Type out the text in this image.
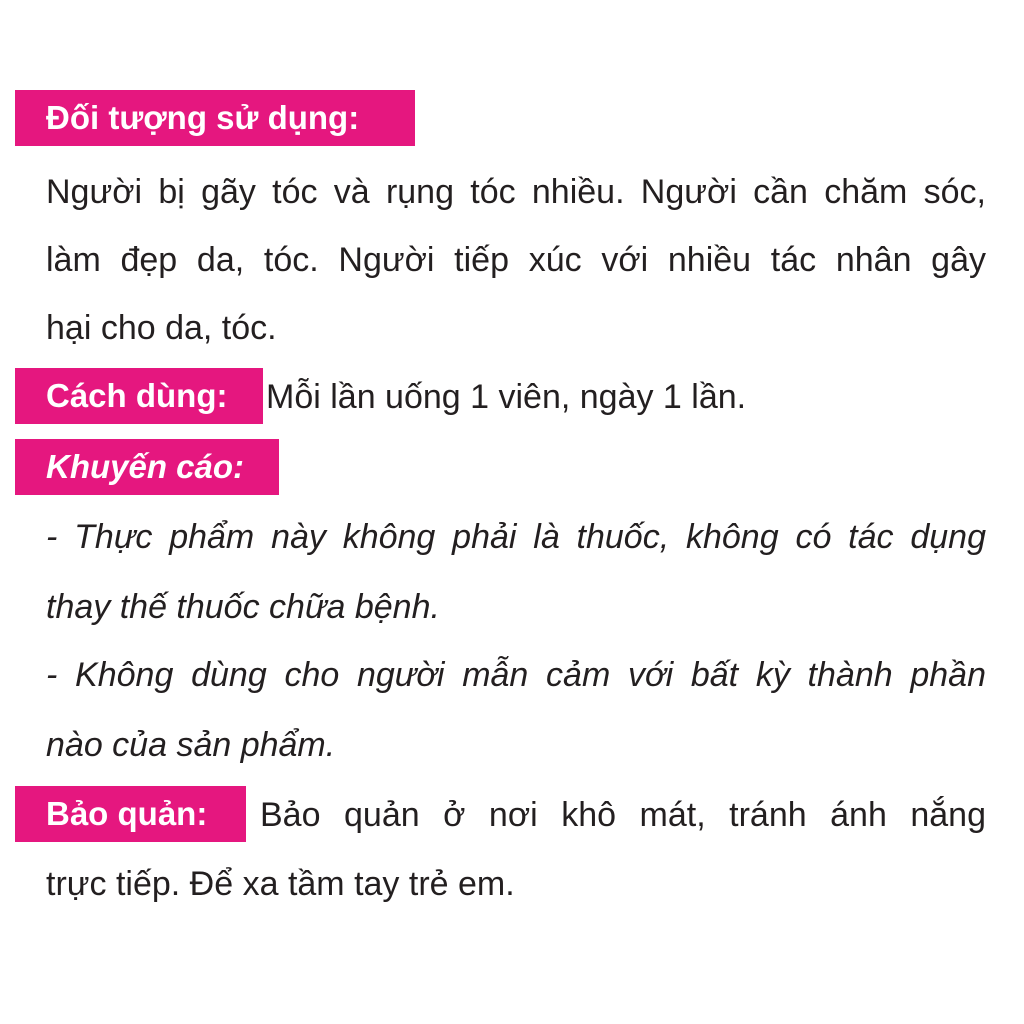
Đối tượng sử dụng:
Người bị gãy tóc và rụng tóc nhiều. Người cần chăm sóc,
làm đẹp da, tóc. Người tiếp xúc với nhiều tác nhân gây
hại cho da, tóc.
Cách dùng:	Mỗi lần uống 1 viên, ngày 1 lần.
Khuyến cáo:
- Thực phẩm này không phải là thuốc, không có tác dụng
thay thế thuốc chữa bệnh.
- Không dùng cho người mẫn cảm với bất kỳ thành phần
nào của sản phẩm.
Bảo quản:	Bảo quản ở nơi khô mát, tránh ánh nắng
trực tiếp. Để xa tầm tay trẻ em.
